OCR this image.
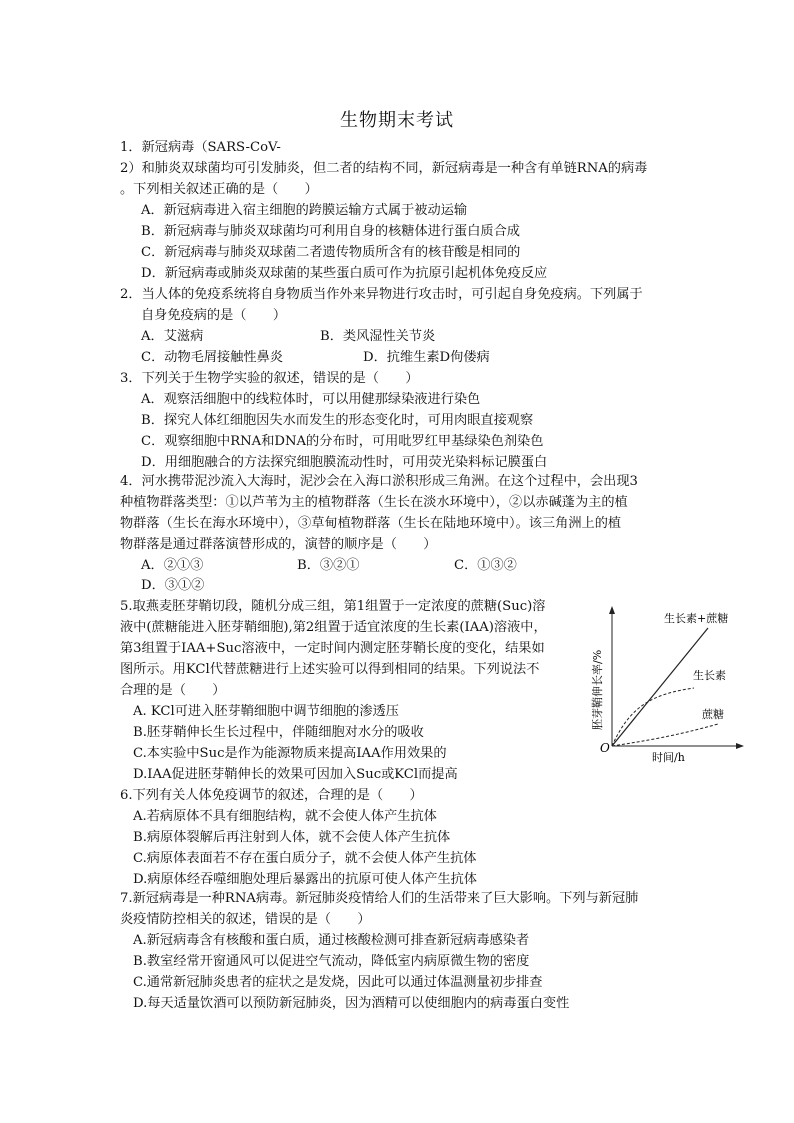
生物期末考试
1．新冠病毒（SARS-CoV-
2）和肺炎双球菌均可引发肺炎，但二者的结构不同，新冠病毒是一种含有单链RNA的病毒
。下列相关叙述正确的是（　　）
A．新冠病毒进入宿主细胞的跨膜运输方式属于被动运输
B．新冠病毒与肺炎双球菌均可利用自身的核糖体进行蛋白质合成
C．新冠病毒与肺炎双球菌二者遗传物质所含有的核苷酸是相同的
D．新冠病毒或肺炎双球菌的某些蛋白质可作为抗原引起机体免疫反应
2．当人体的免疫系统将自身物质当作外来异物进行攻击时，可引起自身免疫病。下列属于
自身免疫病的是（　　）
A．艾滋病	B．类风湿性关节炎
C．动物毛屑接触性鼻炎	D．抗维生素D佝偻病
3．下列关于生物学实验的叙述，错误的是（　　）
A．观察活细胞中的线粒体时，可以用健那绿染液进行染色
B．探究人体红细胞因失水而发生的形态变化时，可用肉眼直接观察
C．观察细胞中RNA和DNA的分布时，可用吡罗红甲基绿染色剂染色
D．用细胞融合的方法探究细胞膜流动性时，可用荧光染料标记膜蛋白
4．河水携带泥沙流入大海时，泥沙会在入海口淤积形成三角洲。在这个过程中，会出现3
种植物群落类型：①以芦苇为主的植物群落（生长在淡水环境中），②以赤碱蓬为主的植
物群落（生长在海水环境中），③草甸植物群落（生长在陆地环境中）。该三角洲上的植
物群落是通过群落演替形成的，演替的顺序是（　　）
A．②①③	B．③②①	C．①③②
D．③①②
5.取燕麦胚芽鞘切段，随机分成三组，第1组置于一定浓度的蔗糖(Suc)溶
液中(蔗糖能进入胚芽鞘细胞),第2组置于适宜浓度的生长素(IAA)溶液中，
第3组置于IAA+Suc溶液中，一定时间内测定胚芽鞘长度的变化，结果如
图所示。用KCl代替蔗糖进行上述实验可以得到相同的结果。下列说法不
合理的是（　　）
A. KCl可进入胚芽鞘细胞中调节细胞的渗透压
B.胚芽鞘伸长生长过程中，伴随细胞对水分的吸收
C.本实验中Suc是作为能源物质来提高IAA作用效果的
D.IAA促进胚芽鞘伸长的效果可因加入Suc或KCl而提高
O
时间/h
胚芽鞘伸长率/%
生长素+蔗糖
生长素
蔗糖
6.下列有关人体免疫调节的叙述，合理的是（　　）
A.若病原体不具有细胞结构，就不会使人体产生抗体
B.病原体裂解后再注射到人体，就不会使人体产生抗体
C.病原体表面若不存在蛋白质分子，就不会使人体产生抗体
D.病原体经吞噬细胞处理后暴露出的抗原可使人体产生抗体
7.新冠病毒是一种RNA病毒。新冠肺炎疫情给人们的生活带来了巨大影响。下列与新冠肺
炎疫情防控相关的叙述，错误的是（　　）
A.新冠病毒含有核酸和蛋白质，通过核酸检测可排查新冠病毒感染者
B.教室经常开窗通风可以促进空气流动，降低室内病原微生物的密度
C.通常新冠肺炎患者的症状之是发烧，因此可以通过体温测量初步排查
D.每天适量饮酒可以预防新冠肺炎，因为酒精可以使细胞内的病毒蛋白变性
